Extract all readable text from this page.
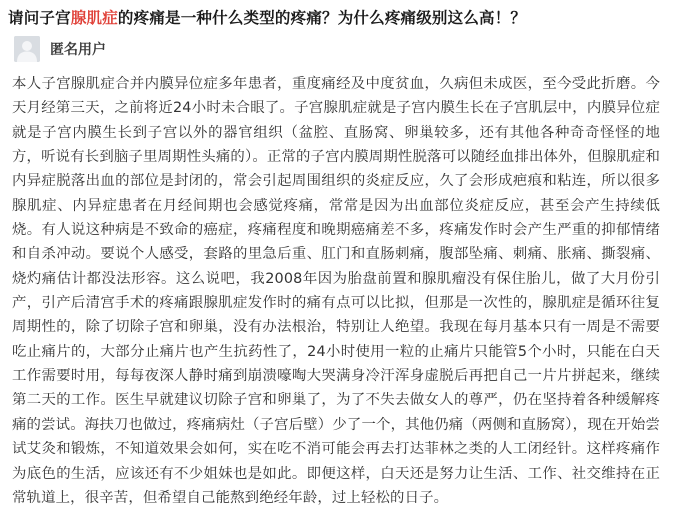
请问子宫腺肌症的疼痛是一种什么类型的疼痛？为什么疼痛级别这么高！？
匿名用户
本人子宫腺肌症合并内膜异位症多年患者，重度痛经及中度贫血，久病但未成医，至今受此折磨。今天月经第三天，之前将近24小时未合眼了。子宫腺肌症就是子宫内膜生长在子宫肌层中，内膜异位症就是子宫内膜生长到子宫以外的器官组织（盆腔、直肠窝、卵巢较多，还有其他各种奇奇怪怪的地方，听说有长到脑子里周期性头痛的）。正常的子宫内膜周期性脱落可以随经血排出体外，但腺肌症和内异症脱落出血的部位是封闭的，常会引起周围组织的炎症反应，久了会形成疤痕和粘连，所以很多腺肌症、内异症患者在月经间期也会感觉疼痛，常常是因为出血部位炎症反应，甚至会产生持续低烧。有人说这种病是不致命的癌症，疼痛程度和晚期癌痛差不多，疼痛发作时会产生严重的抑郁情绪和自杀冲动。要说个人感受，套路的里急后重、肛门和直肠刺痛，腹部坠痛、刺痛、胀痛、撕裂痛、烧灼痛估计都没法形容。这么说吧，我2008年因为胎盘前置和腺肌瘤没有保住胎儿，做了大月份引产，引产后清宫手术的疼痛跟腺肌症发作时的痛有点可以比拟，但那是一次性的，腺肌症是循环往复周期性的，除了切除子宫和卵巢，没有办法根治，特别让人绝望。我现在每月基本只有一周是不需要吃止痛片的，大部分止痛片也产生抗药性了，24小时使用一粒的止痛片只能管5个小时，只能在白天工作需要时用，每每夜深人静时痛到崩溃嚎啕大哭满身冷汗浑身虚脱后再把自己一片片拼起来，继续第二天的工作。医生早就建议切除子宫和卵巢了，为了不失去做女人的尊严，仍在坚持着各种缓解疼痛的尝试。海扶刀也做过，疼痛病灶（子宫后壁）少了一个，其他仍痛（两侧和直肠窝），现在开始尝试艾灸和锻炼，不知道效果会如何，实在吃不消可能会再去打达菲林之类的人工闭经针。这样疼痛作为底色的生活，应该还有不少姐妹也是如此。即便这样，白天还是努力让生活、工作、社交维持在正常轨道上，很辛苦，但希望自己能熬到绝经年龄，过上轻松的日子。
